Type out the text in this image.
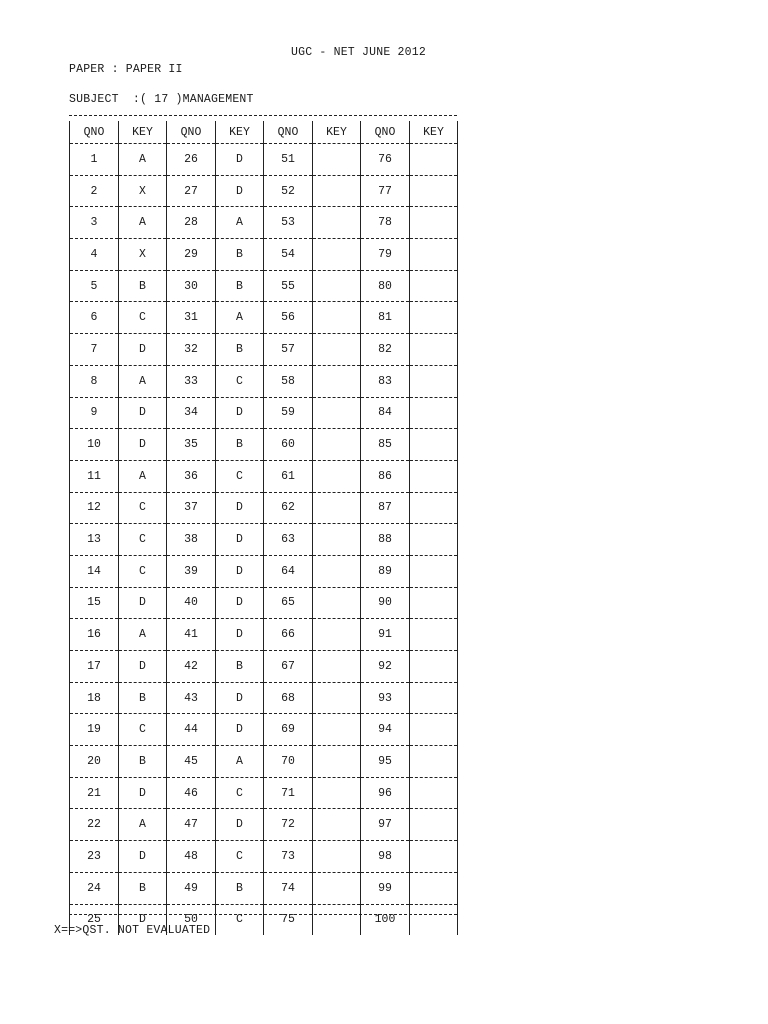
UGC - NET JUNE 2012
PAPER : PAPER II
SUBJECT  :( 17 )MANAGEMENT
QNO	KEY	QNO	KEY	QNO	KEY	QNO	KEY
1	A	26	D	51		76	
2	X	27	D	52		77	
3	A	28	A	53		78	
4	X	29	B	54		79	
5	B	30	B	55		80	
6	C	31	A	56		81	
7	D	32	B	57		82	
8	A	33	C	58		83	
9	D	34	D	59		84	
10	D	35	B	60		85	
11	A	36	C	61		86	
12	C	37	D	62		87	
13	C	38	D	63		88	
14	C	39	D	64		89	
15	D	40	D	65		90	
16	A	41	D	66		91	
17	D	42	B	67		92	
18	B	43	D	68		93	
19	C	44	D	69		94	
20	B	45	A	70		95	
21	D	46	C	71		96	
22	A	47	D	72		97	
23	D	48	C	73		98	
24	B	49	B	74		99	
25	D	50	C	75		100	
X==>QST. NOT EVALUATED
